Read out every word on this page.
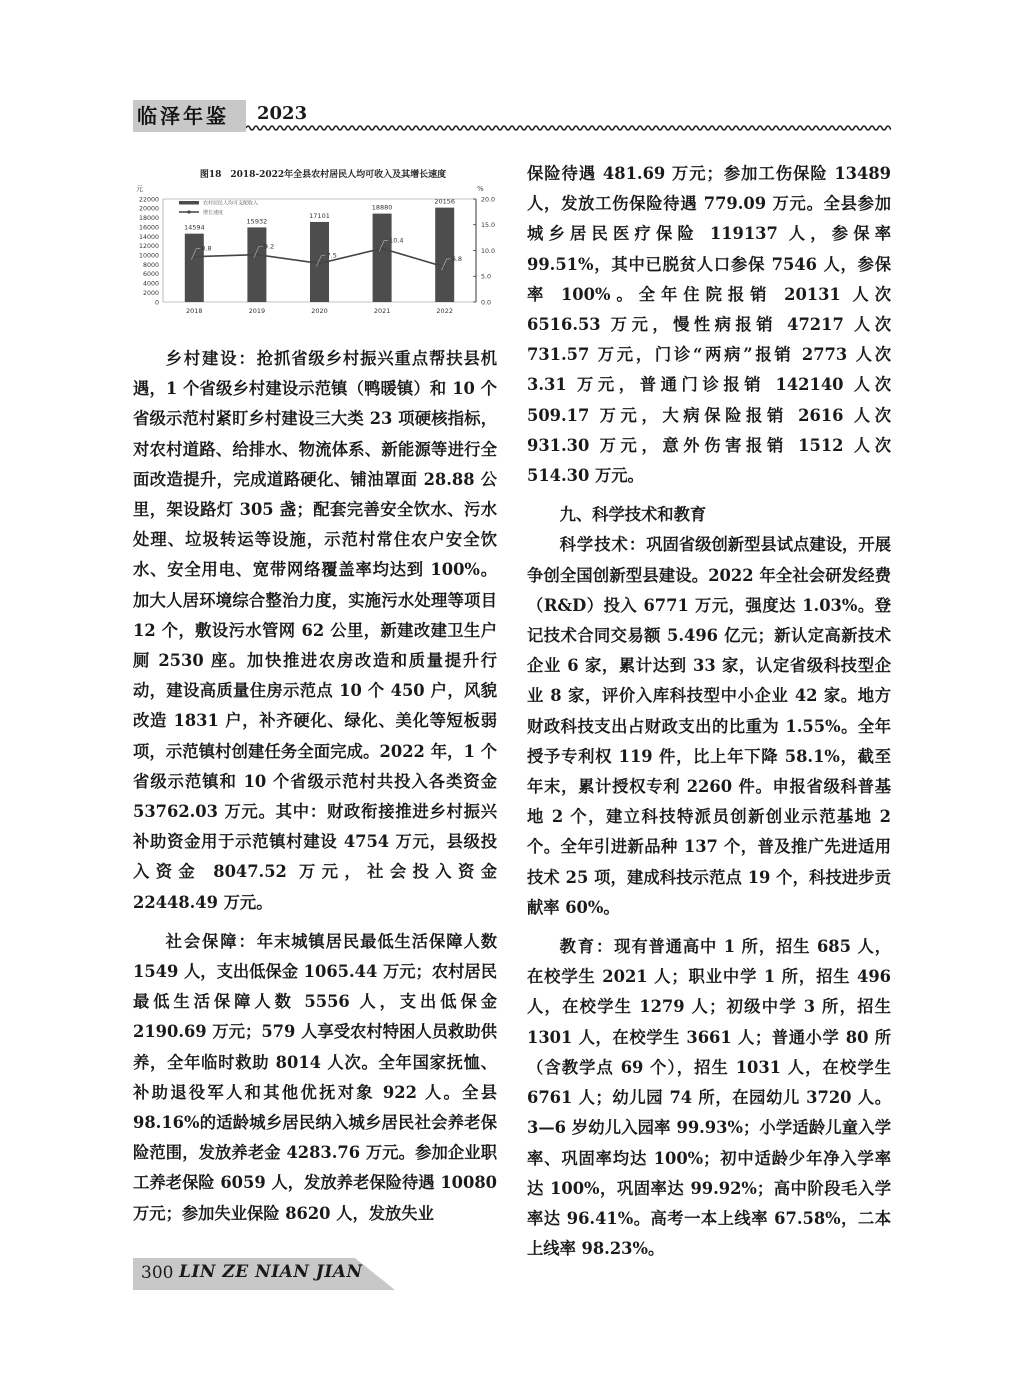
临泽年鉴	2023
图18　2018-2022年全县农村居民人均可收入及其增长速度
元	%
0
2000
4000
6000
8000
10000
12000
14000
16000
18000
20000
22000
0.0
5.0
10.0
15.0
20.0
14594
2018
15932
2019
17101
2020
18880
2021
20156
2022
8.8	9.2
7.5
10.4
6.8
农村居民人均可支配收入
增长速度

乡村建设：抢抓省级乡村振兴重点帮扶县机遇，1 个省级乡村建设示范镇（鸭暖镇）和 10 个省级示范村紧盯乡村建设三大类 23 项硬核指标，对农村道路、给排水、物流体系、新能源等进行全面改造提升，完成道路硬化、铺油罩面 28.88 公里，架设路灯 305 盏；配套完善安全饮水、污水处理、垃圾转运等设施，示范村常住农户安全饮水、安全用电、宽带网络覆盖率均达到 100%。加大人居环境综合整治力度，实施污水处理等项目 12 个，敷设污水管网 62 公里，新建改建卫生户厕 2530 座。加快推进农房改造和质量提升行动，建设高质量住房示范点 10 个 450 户，风貌改造 1831 户，补齐硬化、绿化、美化等短板弱项，示范镇村创建任务全面完成。2022 年，1 个省级示范镇和 10 个省级示范村共投入各类资金 53762.03 万元。其中：财政衔接推进乡村振兴补助资金用于示范镇村建设 4754 万元，县级投入资金 8047.52 万元，社会投入资金 22448.49 万元。

社会保障：年末城镇居民最低生活保障人数 1549 人，支出低保金 1065.44 万元；农村居民最低生活保障人数 5556 人，支出低保金 2190.69 万元；579 人享受农村特困人员救助供养，全年临时救助 8014 人次。全年国家抚恤、补助退役军人和其他优抚对象 922 人。全县 98.16%的适龄城乡居民纳入城乡居民社会养老保险范围，发放养老金 4283.76 万元。参加企业职工养老保险 6059 人，发放养老保险待遇 10080 万元；参加失业保险 8620 人，发放失业

保险待遇 481.69 万元；参加工伤保险 13489 人，发放工伤保险待遇 779.09 万元。全县参加城乡居民医疗保险 119137 人，参保率 99.51%，其中已脱贫人口参保 7546 人，参保率 100%。全年住院报销 20131 人次 6516.53 万元，慢性病报销 47217 人次 731.57 万元，门诊“两病”报销 2773 人次 3.31 万元，普通门诊报销 142140 人次 509.17 万元，大病保险报销 2616 人次 931.30 万元，意外伤害报销 1512 人次 514.30 万元。

九、科学技术和教育

科学技术：巩固省级创新型县试点建设，开展争创全国创新型县建设。2022 年全社会研发经费（R&D）投入 6771 万元，强度达 1.03%。登记技术合同交易额 5.496 亿元；新认定高新技术企业 6 家，累计达到 33 家，认定省级科技型企业 8 家，评价入库科技型中小企业 42 家。地方财政科技支出占财政支出的比重为 1.55%。全年授予专利权 119 件，比上年下降 58.1%，截至年末，累计授权专利 2260 件。申报省级科普基地 2 个，建立科技特派员创新创业示范基地 2 个。全年引进新品种 137 个，普及推广先进适用技术 25 项，建成科技示范点 19 个，科技进步贡献率 60%。

教育：现有普通高中 1 所，招生 685 人，在校学生 2021 人；职业中学 1 所，招生 496 人，在校学生 1279 人；初级中学 3 所，招生 1301 人，在校学生 3661 人；普通小学 80 所（含教学点 69 个），招生 1031 人，在校学生 6761 人；幼儿园 74 所，在园幼儿 3720 人。3—6 岁幼儿入园率 99.93%；小学适龄儿童入学率、巩固率均达 100%；初中适龄少年净入学率达 100%，巩固率达 99.92%；高中阶段毛入学率达 96.41%。高考一本上线率 67.58%，二本上线率 98.23%。

300 LIN ZE NIAN JIAN
